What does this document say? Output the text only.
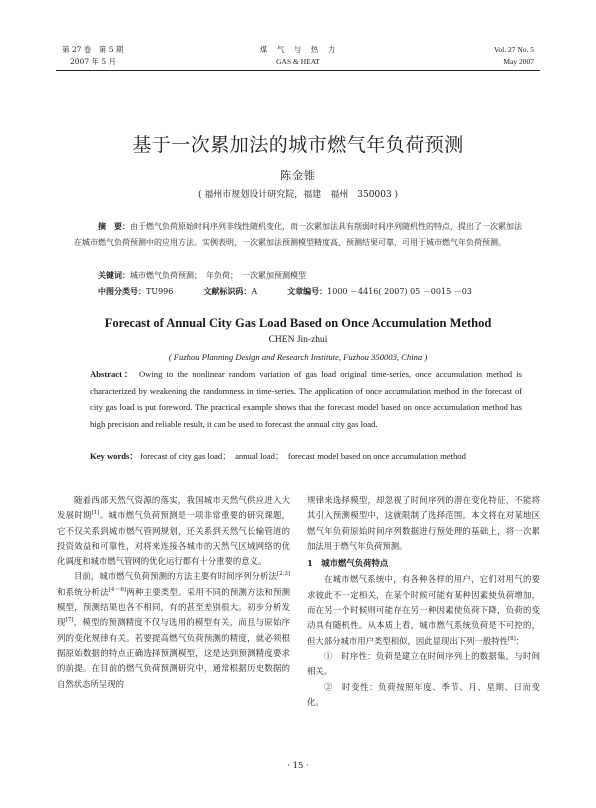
第 27 卷　第 5 期
2007 年 5 月
煤　气　与　热　力
GAS & HEAT
Vol. 27 No. 5
May 2007
基于一次累加法的城市燃气年负荷预测
陈金锥
( 福州市规划设计研究院，福建　福州　350003 )
摘　要：由于燃气负荷原始时间序列非线性随机变化，而一次累加法具有削弱时间序列随机性的特点，提出了一次累加法在城市燃气负荷预测中的应用方法。实例表明，一次累加法预测模型精度高，预测结果可靠，可用于城市燃气年负荷预测。
关键词：城市燃气负荷预测；　年负荷；　一次累加预测模型
中图分类号：TU996	文献标识码：A	文章编号：1000 －4416( 2007) 05 －0015 －03
Forecast of Annual City Gas Load Based on Once Accumulation Method
CHEN Jin-zhui
( Fuzhou Planning Design and Research Institute, Fuzhou 350003, China )
Abstract： Owing to the nonlinear random variation of gas load original time-series, once accumulation method is characterized by weakening the randomness in time-series. The application of once accumulation method in the forecast of city gas load is put foreword. The practical example shows that the forecast model based on once accumulation method has high precision and reliable result, it can be used to forecast the annual city gas load.
Key words： forecast of city gas load；　annual load；　forecast model based on once accumulation method

随着西部天然气资源的落实，我国城市天然气供应进入大发展时期[1]。城市燃气负荷预测是一项非常重要的研究课题，它不仅关系到城市燃气管网规划，还关系到天然气长输管道的投资效益和可靠性，对将来连接各城市的天然气区域网络的优化调度和城市燃气管网的优化运行都有十分重要的意义。

目前，城市燃气负荷预测的方法主要有时间序列分析法[2,3]和系统分析法[4～6]两种主要类型。采用不同的预测方法和预测模型，预测结果也各不相同，有的甚至差别很大。初步分析发现[7]，模型的预测精度不仅与选用的模型有关，而且与原始序列的变化规律有关。若要提高燃气负荷预测的精度，就必须根据原始数据的特点正确选择预测模型，这是达到预测精度要求的前提。在目前的燃气负荷预测研究中，通常根据历史数据的自然状态所呈现的

规律来选择模型，却忽视了时间序列的潜在变化特征，不能将其引入预测模型中，这就限制了选择范围。本文将在对某地区燃气年负荷原始时间序列数据进行预处理的基础上，将一次累加法用于燃气年负荷预测。

1　城市燃气负荷特点

在城市燃气系统中，有各种各样的用户，它们对用气的要求彼此不一定相关，在某个时候可能有某种因素使负荷增加，而在另一个时候则可能存在另一种因素使负荷下降，负荷的变动具有随机性。从本质上看，城市燃气系统负荷是不可控的，但大部分城市用户类型相似，因此显现出下列一般特性[8]：

①　时序性：负荷是建立在时间序列上的数据集，与时间相关。

②　时变性：负荷按照年度、季节、月、星期、日而变化。

· 15 ·
